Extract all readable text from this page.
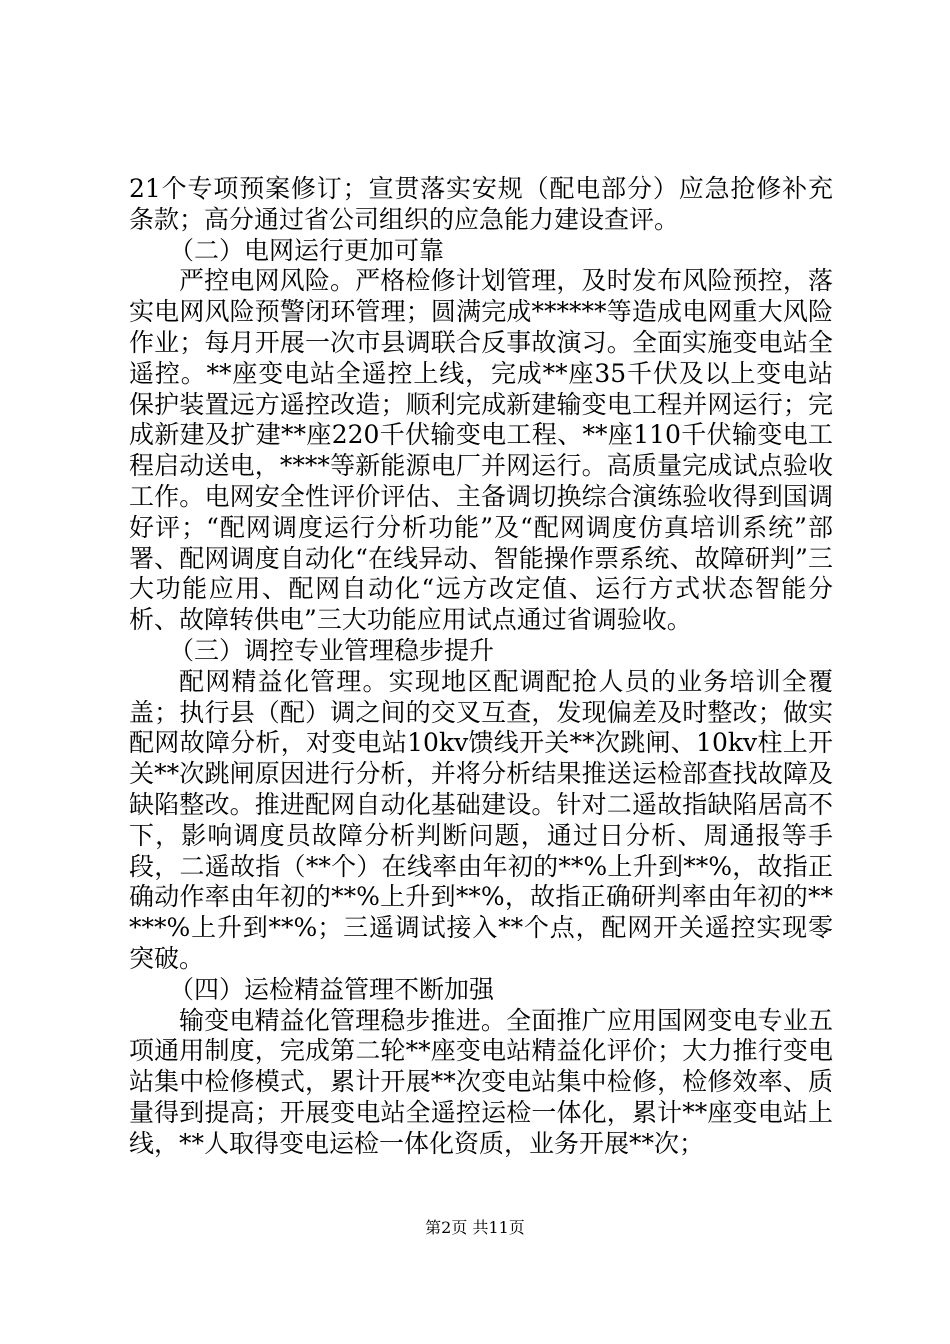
21个专项预案修订；宣贯落实安规（配电部分）应急抢修补充条款；高分通过省公司组织的应急能力建设查评。

（二）电网运行更加可靠

严控电网风险。严格检修计划管理，及时发布风险预控，落实电网风险预警闭环管理；圆满完成******等造成电网重大风险作业；每月开展一次市县调联合反事故演习。全面实施变电站全遥控。**座变电站全遥控上线，完成**座35千伏及以上变电站保护装置远方遥控改造；顺利完成新建输变电工程并网运行；完成新建及扩建**座220千伏输变电工程、**座110千伏输变电工程启动送电，****等新能源电厂并网运行。高质量完成试点验收工作。电网安全性评价评估、主备调切换综合演练验收得到国调好评；“配网调度运行分析功能”及“配网调度仿真培训系统”部署、配网调度自动化“在线异动、智能操作票系统、故障研判”三大功能应用、配网自动化“远方改定值、运行方式状态智能分析、故障转供电”三大功能应用试点通过省调验收。

（三）调控专业管理稳步提升

配网精益化管理。实现地区配调配抢人员的业务培训全覆盖；执行县（配）调之间的交叉互查，发现偏差及时整改；做实配网故障分析，对变电站10kv馈线开关**次跳闸、10kv柱上开关**次跳闸原因进行分析，并将分析结果推送运检部查找故障及缺陷整改。推进配网自动化基础建设。针对二遥故指缺陷居高不下，影响调度员故障分析判断问题，通过日分析、周通报等手段，二遥故指（**个）在线率由年初的**%上升到**%，故指正确动作率由年初的**%上升到**%，故指正确研判率由年初的*****%上升到**%；三遥调试接入**个点，配网开关遥控实现零突破。

（四）运检精益管理不断加强

输变电精益化管理稳步推进。全面推广应用国网变电专业五项通用制度，完成第二轮**座变电站精益化评价；大力推行变电站集中检修模式，累计开展**次变电站集中检修，检修效率、质量得到提高；开展变电站全遥控运检一体化，累计**座变电站上线，**人取得变电运检一体化资质，业务开展**次；

第2页 共11页
